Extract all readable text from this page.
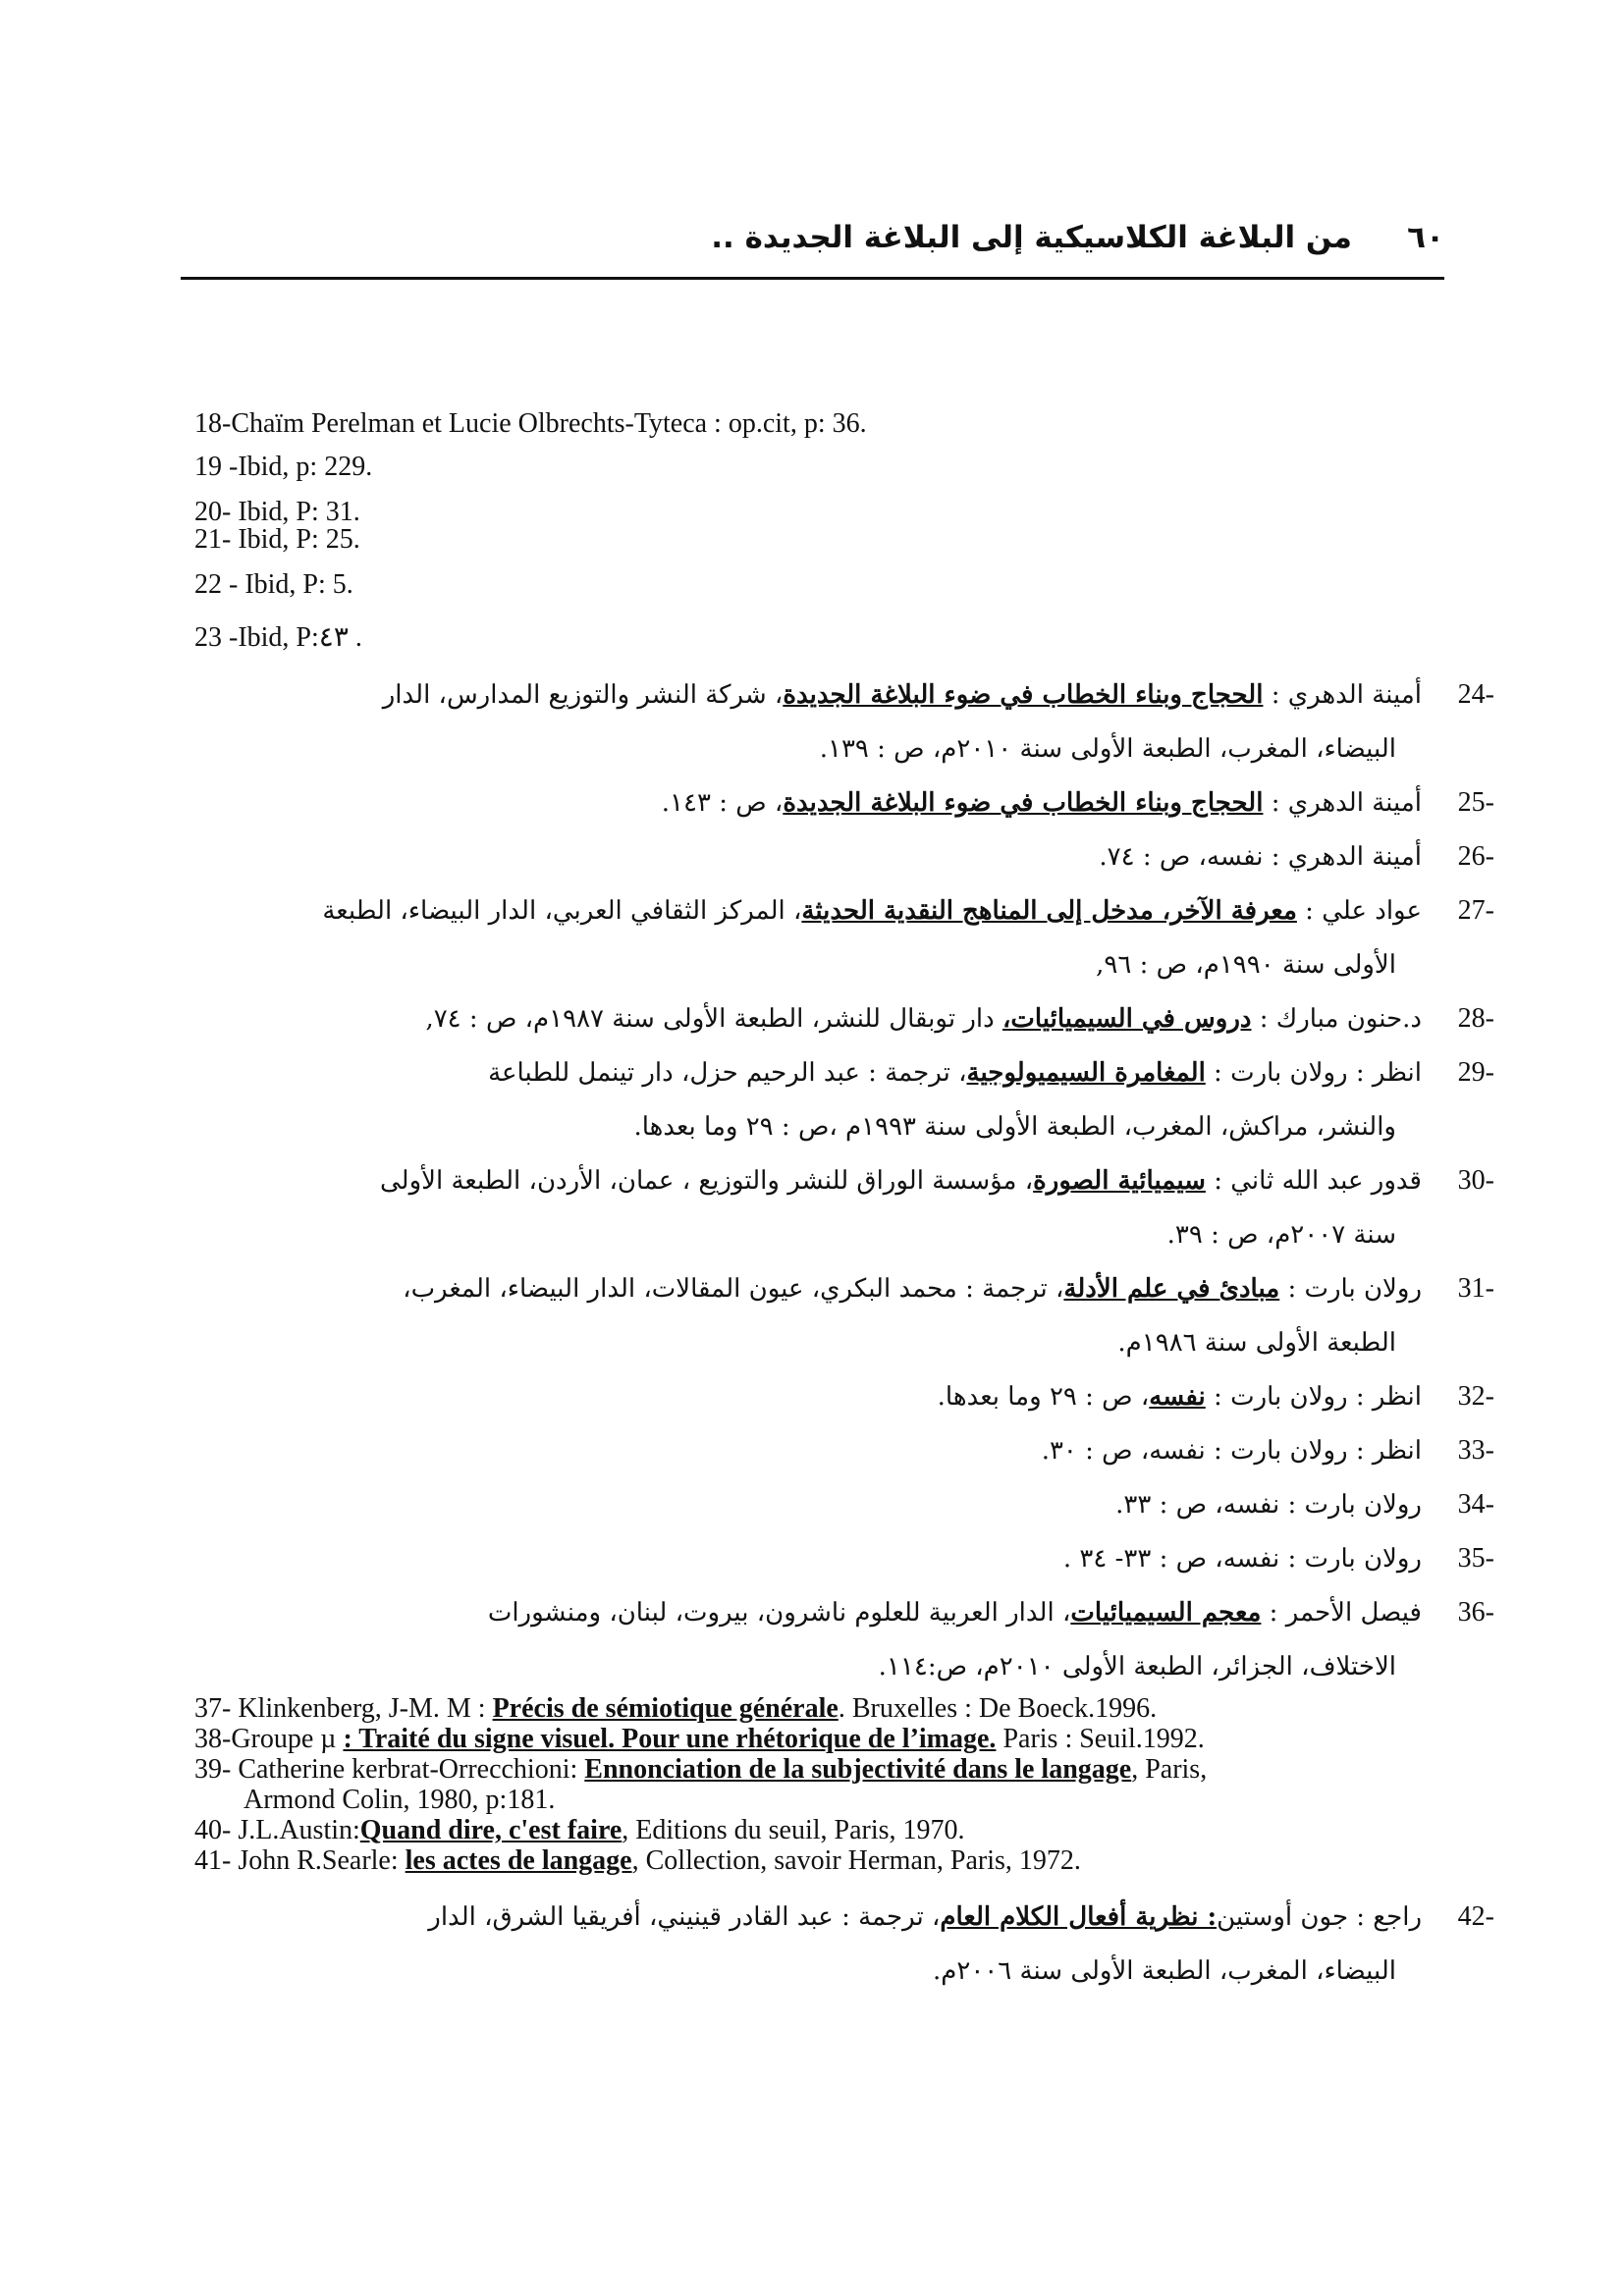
٦٠
من البلاغة الكلاسيكية إلى البلاغة الجديدة ..
18-Chaïm Perelman et Lucie Olbrechts-Tyteca : op.cit, p: 36.
19 -Ibid, p: 229.
20- Ibid, P: 31.
21- Ibid, P: 25.
22 - Ibid, P: 5.
23 -Ibid, P:٤٣ .
24-أمينة الدهري : الحجاج وبناء الخطاب في ضوء البلاغة الجديدة، شركة النشر والتوزيع المدارس، الدار
البيضاء، المغرب، الطبعة الأولى سنة ٢٠١٠م، ص : ١٣٩.
25-أمينة الدهري : الحجاج وبناء الخطاب في ضوء البلاغة الجديدة، ص : ١٤٣.
26-أمينة الدهري : نفسه، ص : ٧٤.
27-عواد علي : معرفة الآخر، مدخل إلى المناهج النقدية الحديثة، المركز الثقافي العربي، الدار البيضاء، الطبعة
الأولى سنة ١٩٩٠م، ص : ٩٦,
28-د.حنون مبارك : دروس في السيميائيات، دار توبقال للنشر، الطبعة الأولى سنة ١٩٨٧م، ص : ٧٤,
29-انظر : رولان بارت : المغامرة السيميولوجية، ترجمة : عبد الرحيم حزل، دار تينمل للطباعة
والنشر، مراكش، المغرب، الطبعة الأولى سنة ١٩٩٣م ،ص : ٢٩ وما بعدها.
30-قدور عبد الله ثاني : سيميائية الصورة، مؤسسة الوراق للنشر والتوزيع ، عمان، الأردن، الطبعة الأولى
سنة ٢٠٠٧م، ص : ٣٩.
31-رولان بارت : مبادئ في علم الأدلة، ترجمة : محمد البكري، عيون المقالات، الدار البيضاء، المغرب،
الطبعة الأولى سنة ١٩٨٦م.
32-انظر : رولان بارت : نفسه، ص : ٢٩ وما بعدها.
33-انظر : رولان بارت : نفسه، ص : ٣٠.
34-رولان بارت : نفسه، ص : ٣٣.
35-رولان بارت : نفسه، ص : ٣٣- ٣٤ .
36-فيصل الأحمر : معجم السيميائيات، الدار العربية للعلوم ناشرون، بيروت، لبنان، ومنشورات
الاختلاف، الجزائر، الطبعة الأولى ٢٠١٠م، ص:١١٤.
37- Klinkenberg, J-M. M : Précis de sémiotique générale. Bruxelles : De Boeck.1996.
38-Groupe µ : Traité du signe visuel. Pour une rhétorique de l’image. Paris : Seuil.1992.
39- Catherine kerbrat-Orrecchioni: Ennonciation de la subjectivité dans le langage, Paris,
Armond Colin, 1980, p:181.
40- J.L.Austin:Quand dire, c'est faire, Editions du seuil, Paris, 1970.
41- John R.Searle: les actes de langage, Collection, savoir Herman, Paris, 1972.
42-راجع : جون أوستين: نظرية أفعال الكلام العام، ترجمة : عبد القادر قينيني، أفريقيا الشرق، الدار
البيضاء، المغرب، الطبعة الأولى سنة ٢٠٠٦م.
